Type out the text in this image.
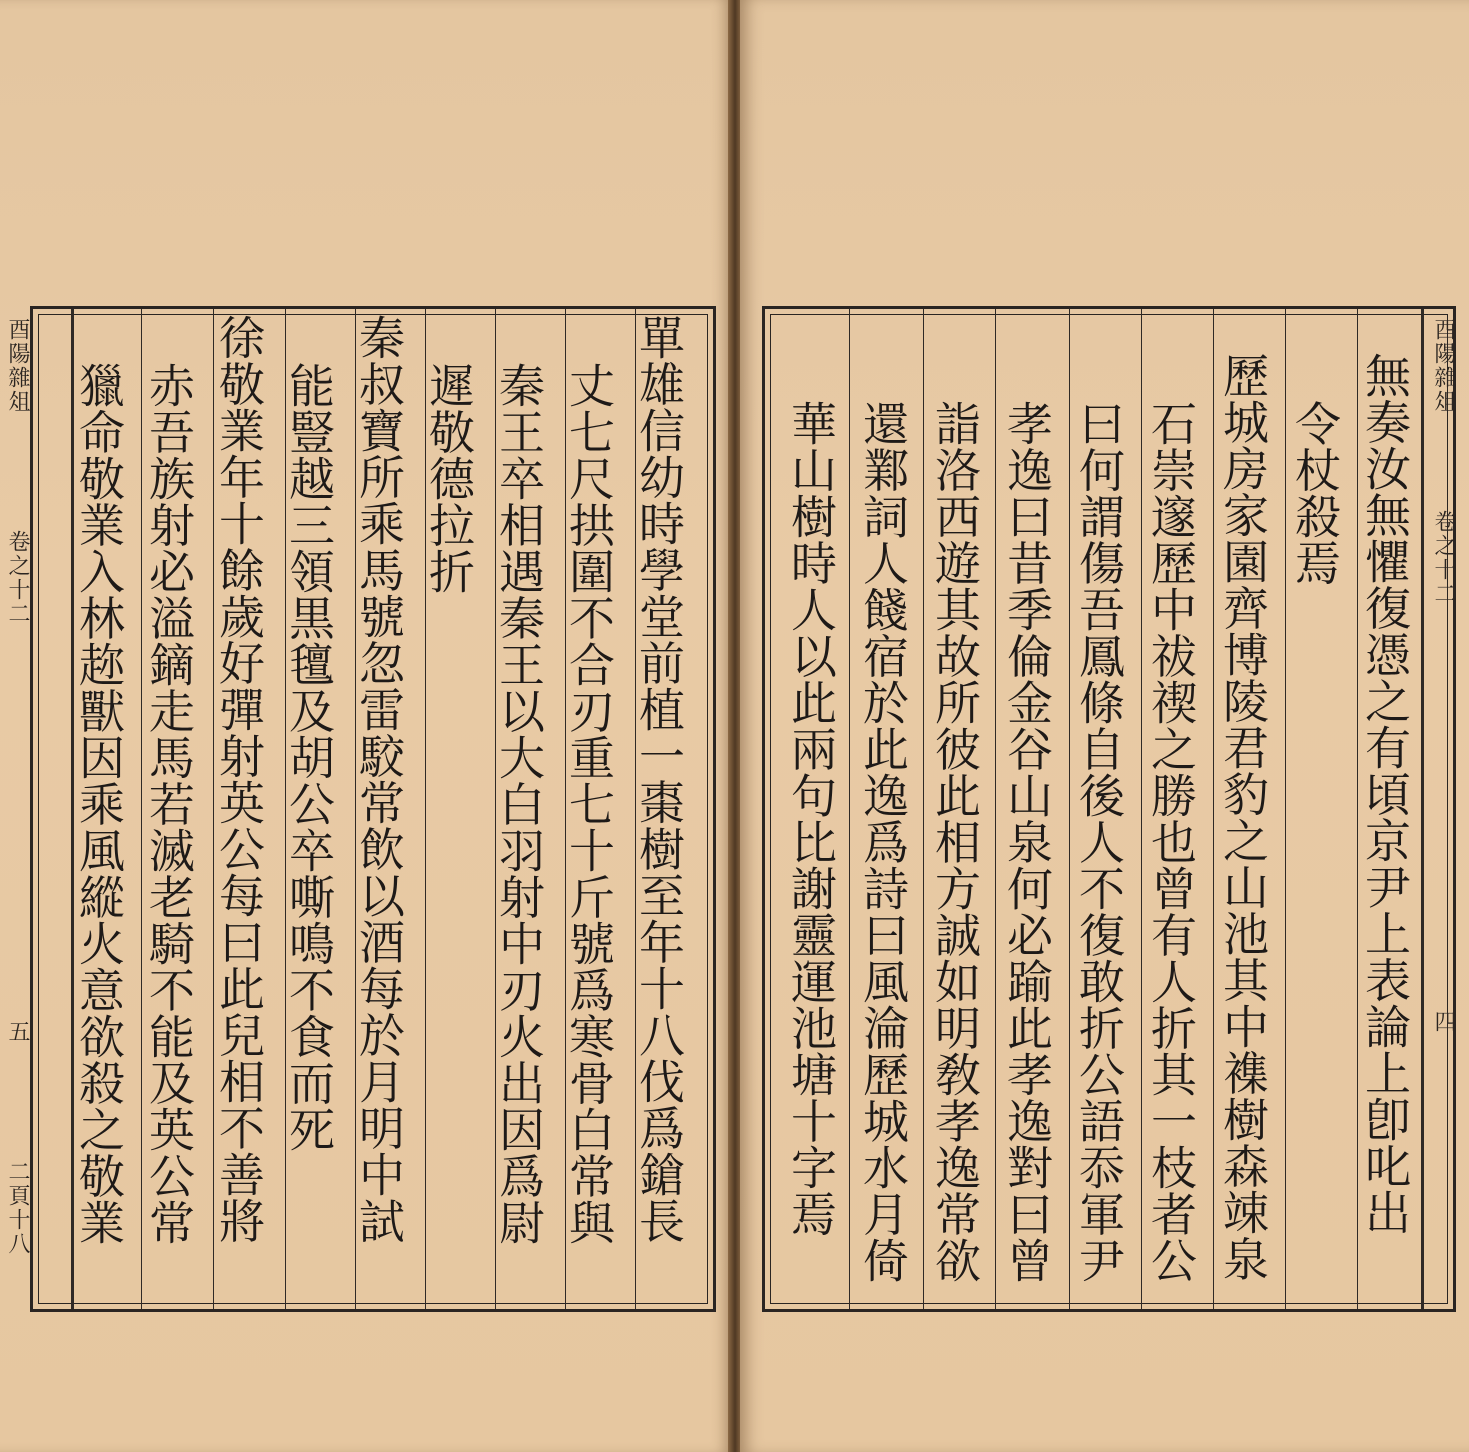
酉陽雜俎
卷之十二
五
二頁十八	單雄信幼時學堂前植一棗樹至年十八伐爲鎗長
丈七尺拱圍不合刃重七十斤號爲寒骨白常與
秦王卒相遇秦王以大白羽射中刃火出因爲尉
遲敬德拉折
秦叔寶所乘馬號忽雷駮常飲以酒每於月明中試
能豎越三領黒氊及胡公卒嘶鳴不食而死
徐敬業年十餘歲好彈射英公每曰此兒相不善將
赤吾族射必溢鏑走馬若滅老騎不能及英公常
獵命敬業入林趂獸因乘風縱火意欲殺之敬業	酉陽雜俎
卷之十二
四
無奏汝無懼復憑之有頃京尹上表論上卽叱出
令杖殺焉
歷城房家園齊博陵君豹之山池其中襍樹森竦泉
石崇邃歷中祓禊之勝也曾有人折其一枝者公
曰何謂傷吾鳳條自後人不復敢折公語忝軍尹
孝逸曰昔季倫金谷山泉何必踰此孝逸對曰曾
詣洛西遊其故所彼此相方誠如明敎孝逸常欲
還鄴詞人餞宿於此逸爲詩曰風淪歷城水月倚
華山樹時人以此兩句比謝靈運池塘十字焉
